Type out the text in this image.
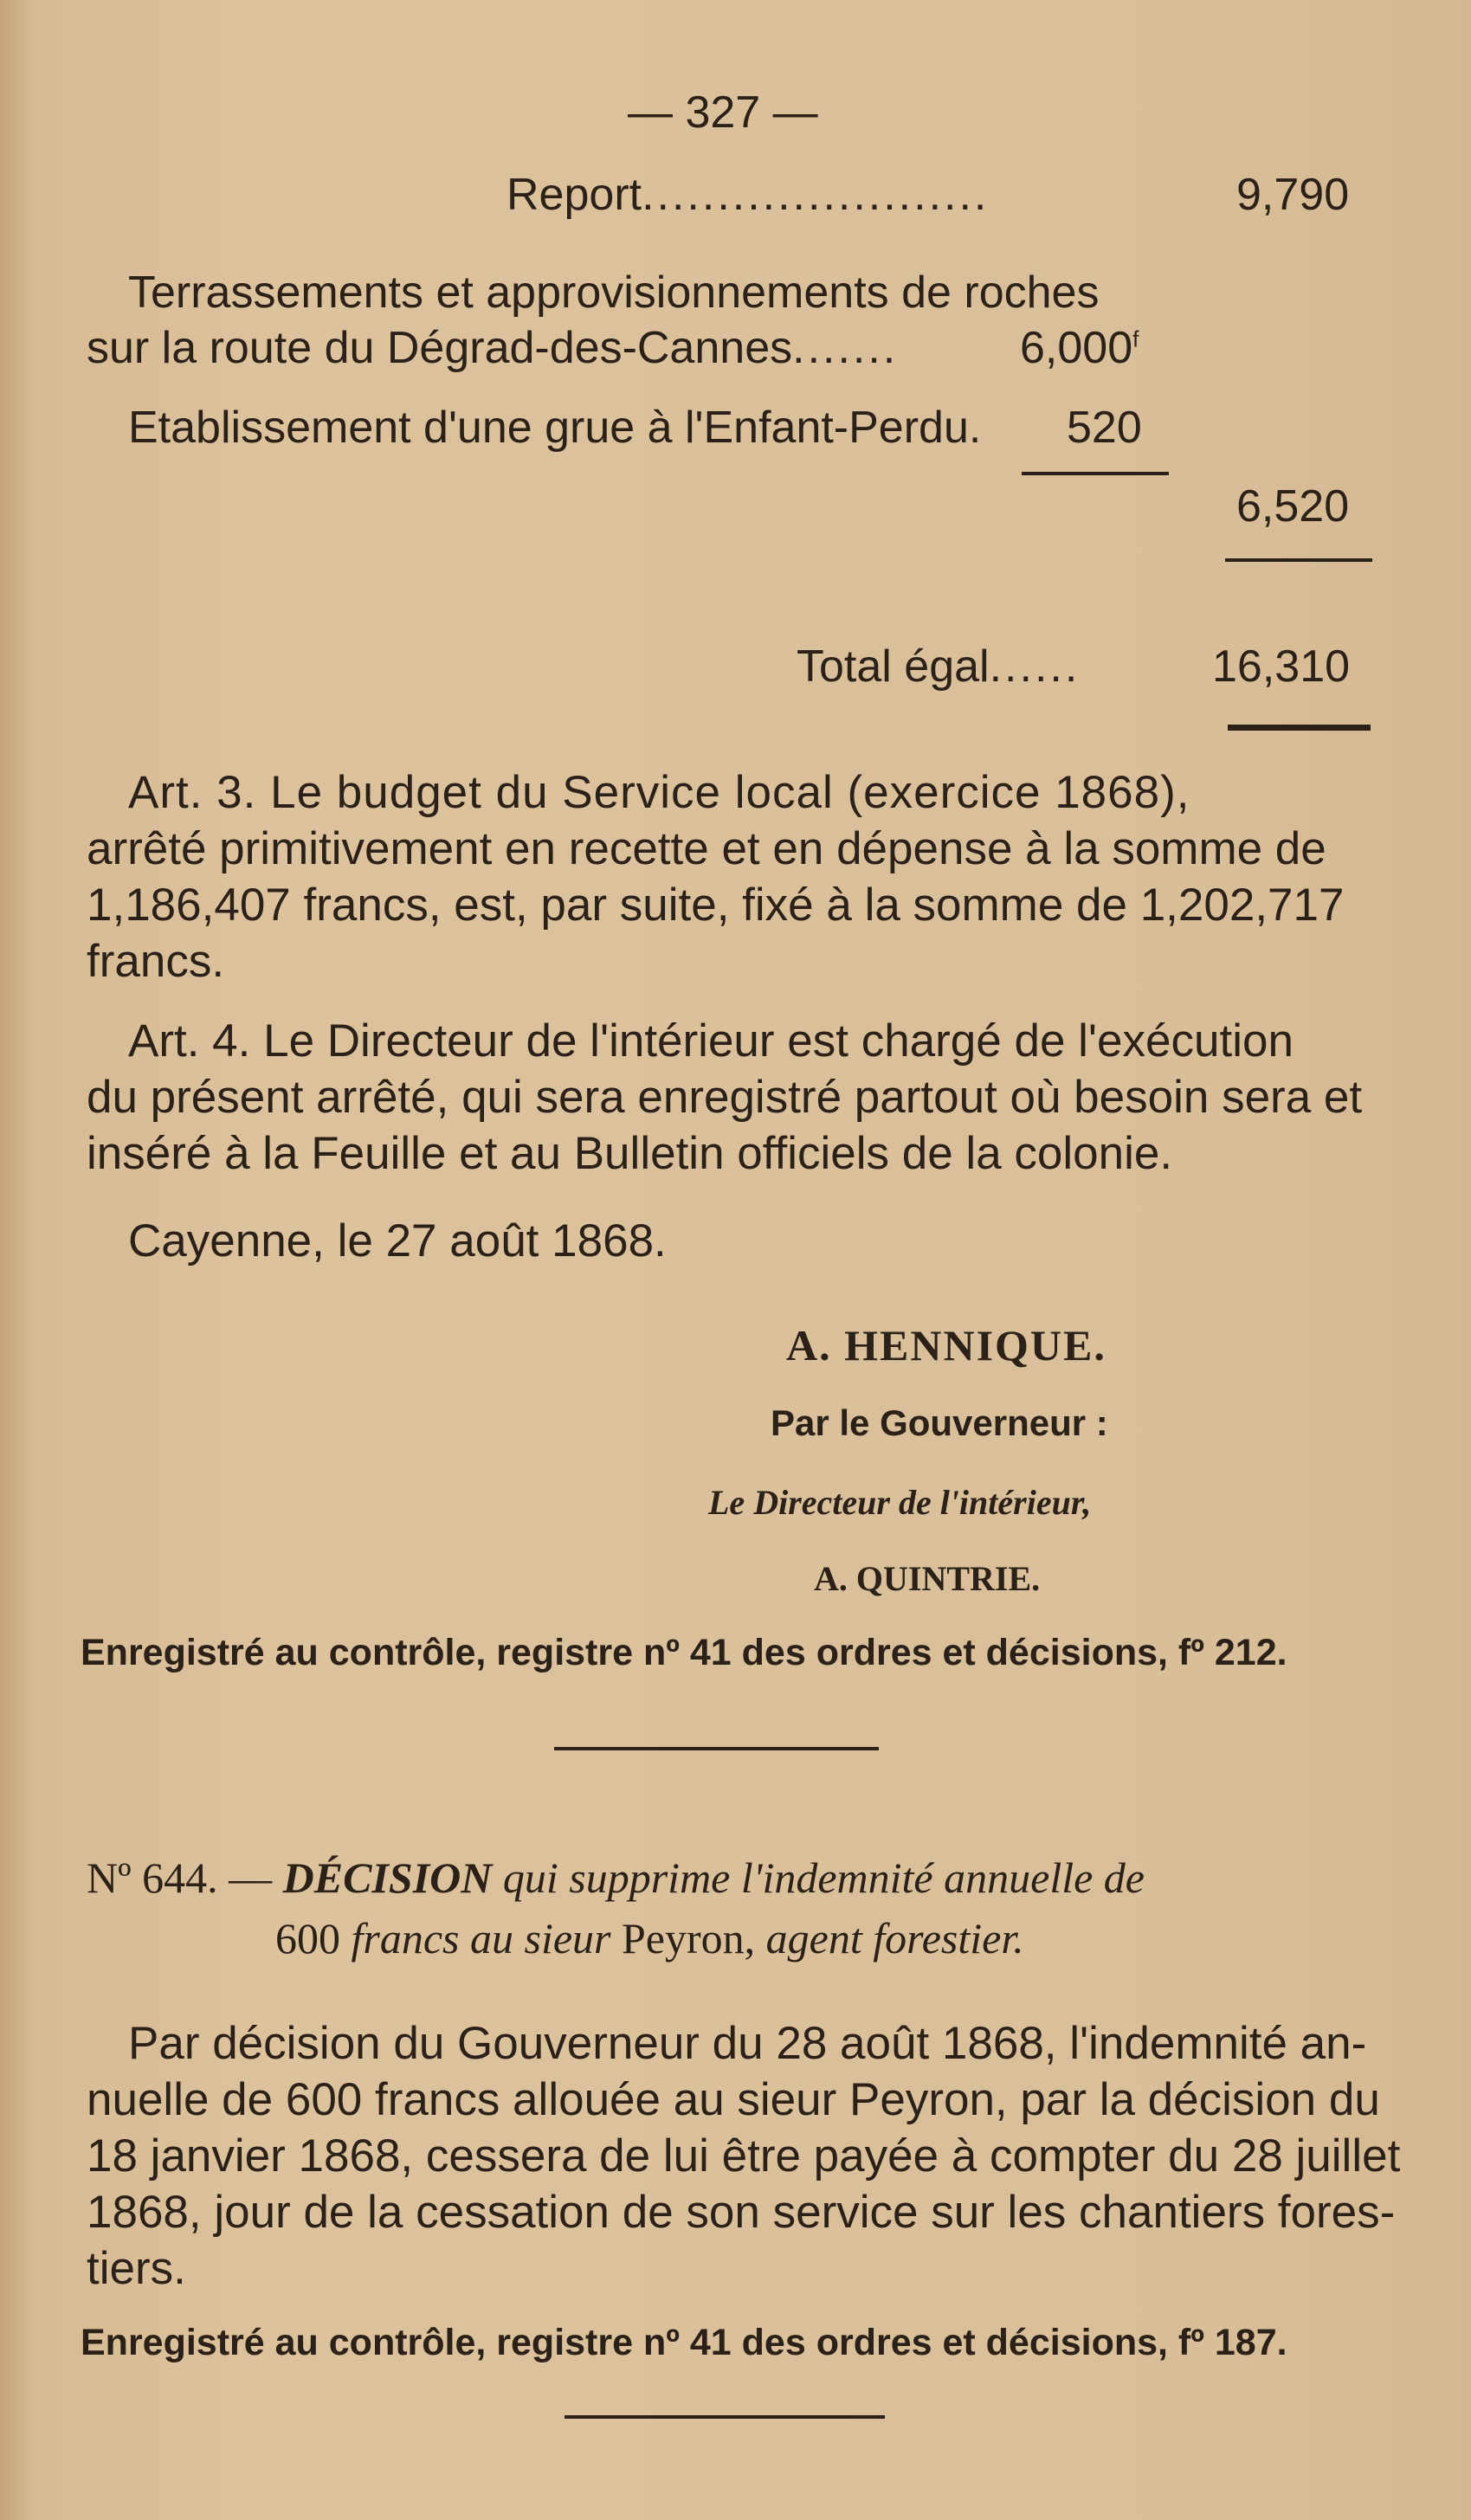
— 327 —
Report.......................	9,790
Terrassements et approvisionnements de roches
sur la route du Dégrad-des-Cannes.......	6,000$^f$
Etablissement d'une grue à l'Enfant-Perdu. 520
6,520
Total égal......	16,310
Art. 3. Le budget du Service local (exercice 1868),
arrêté primitivement en recette et en dépense à la somme de
1,186,407 francs, est, par suite, fixé à la somme de 1,202,717
francs.
Art. 4. Le Directeur de l'intérieur est chargé de l'exécution
du présent arrêté, qui sera enregistré partout où besoin sera et
inséré à la Feuille et au Bulletin officiels de la colonie.
Cayenne, le 27 août 1868.
A. HENNIQUE.
Par le Gouverneur :
Le Directeur de l'intérieur,
A. QUINTRIE.
Enregistré au contrôle, registre nº 41 des ordres et décisions, fº 212.
Nº 644. — DÉCISION qui supprime l'indemnité annuelle de
600 francs au sieur Peyron, agent forestier.
Par décision du Gouverneur du 28 août 1868, l'indemnité an-
nuelle de 600 francs allouée au sieur Peyron, par la décision du
18 janvier 1868, cessera de lui être payée à compter du 28 juillet
1868, jour de la cessation de son service sur les chantiers fores-
tiers.
Enregistré au contrôle, registre nº 41 des ordres et décisions, fº 187.
